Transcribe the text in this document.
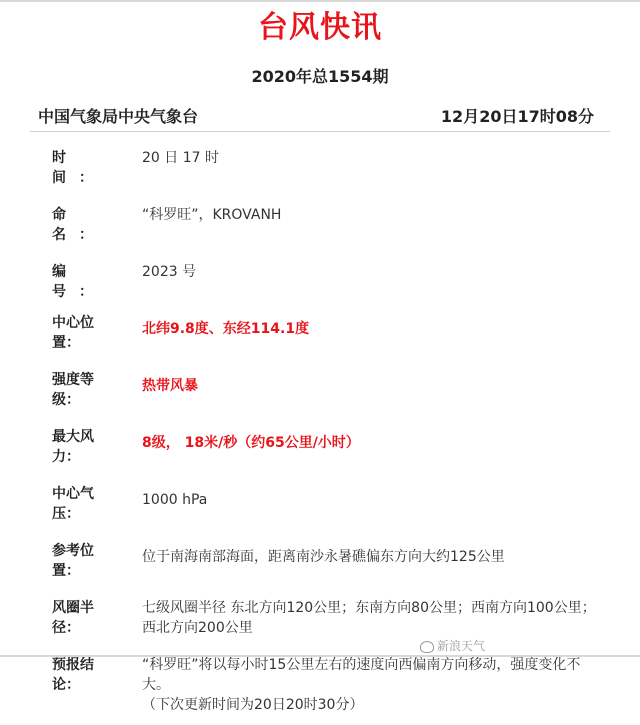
台风快讯
2020年总1554期
中国气象局中央气象台	12月20日17时08分
时　间：
20 日 17 时
命　名：
“科罗旺”，KROVANH
编　号：
2023 号
中心位置：
北纬9.8度、东经114.1度
强度等级：
热带风暴
最大风力：
8级， 18米/秒（约65公里/小时）
中心气压：
1000 hPa
参考位置：
位于南海南部海面，距离南沙永暑礁偏东方向大约125公里
风圈半径：
七级风圈半径 东北方向120公里；东南方向80公里；西南方向100公里；西北方向200公里
预报结论：
“科罗旺”将以每小时15公里左右的速度向西偏南方向移动，强度变化不大。
（下次更新时间为20日20时30分）
新浪天气
